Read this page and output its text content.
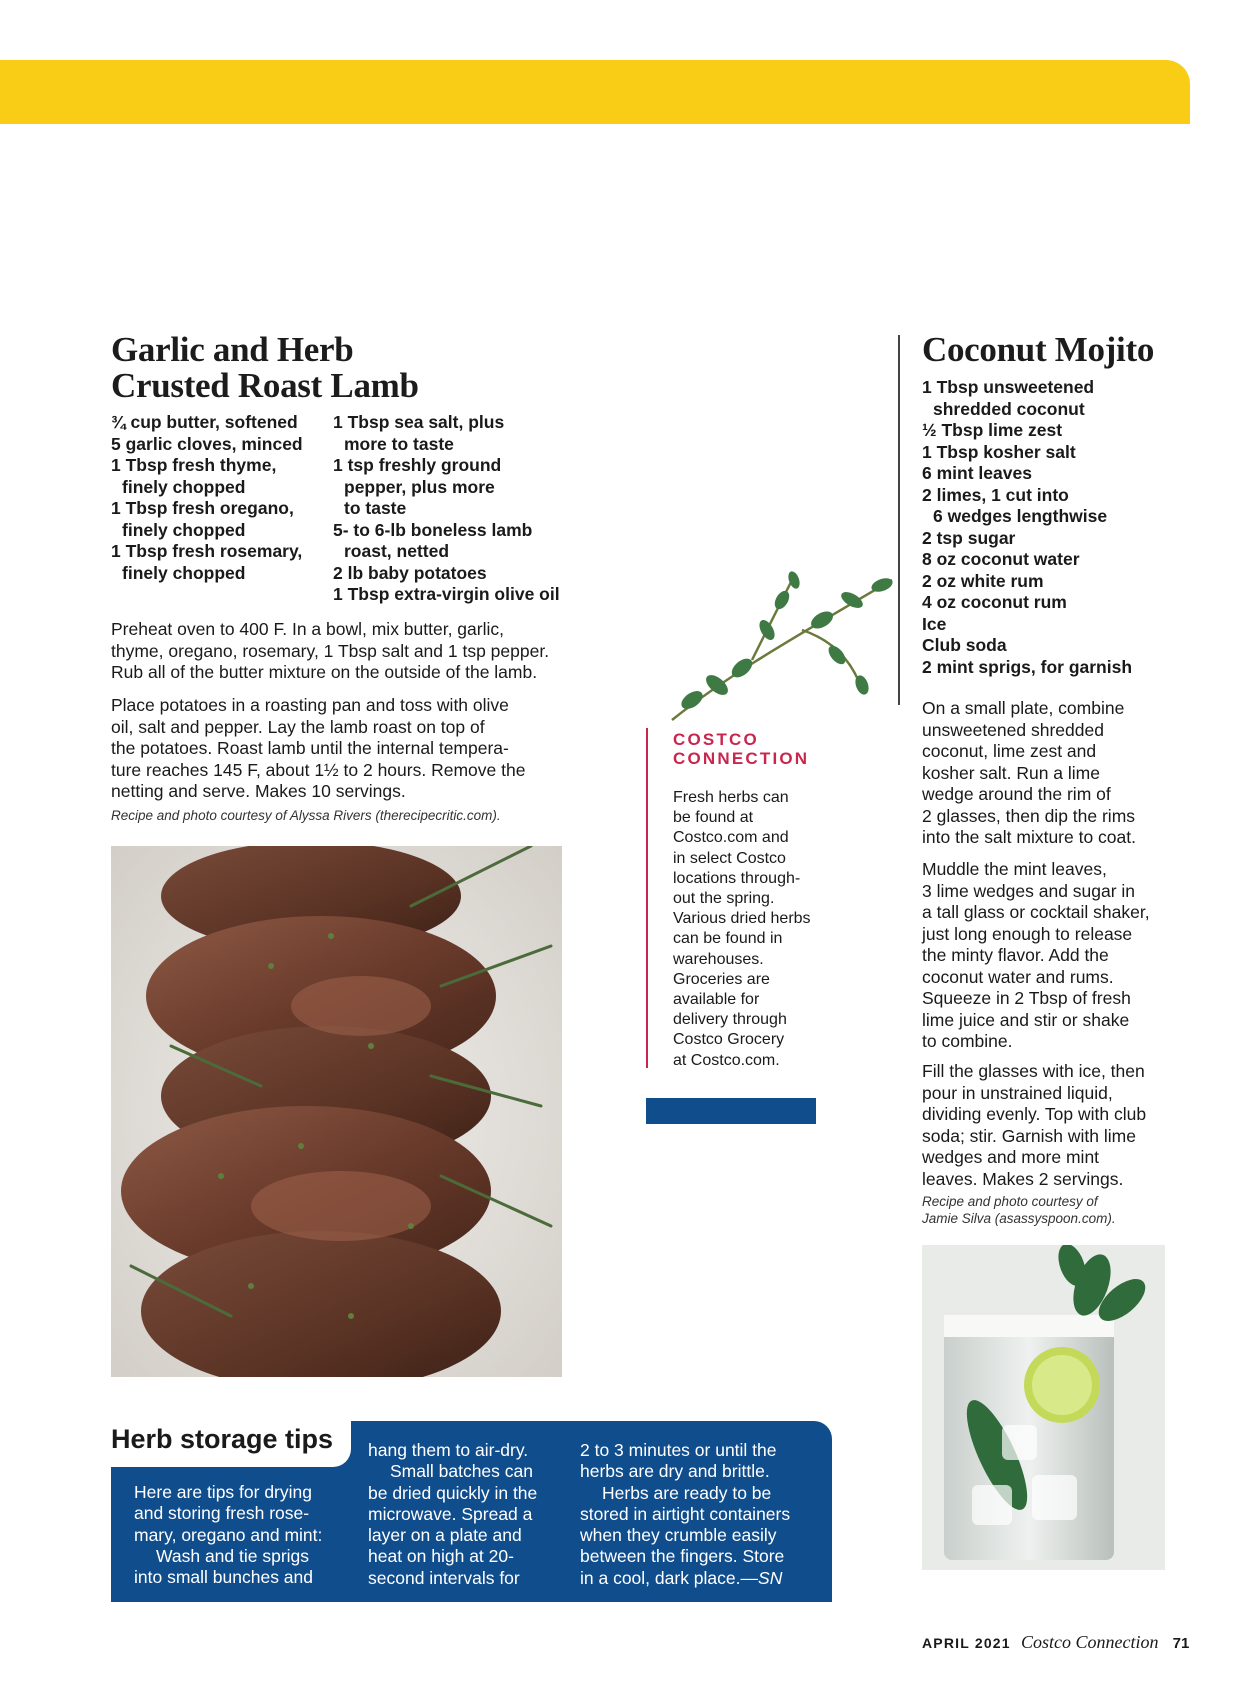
Garlic and Herb
Crusted Roast Lamb
¾ cup butter, softened
5 garlic cloves, minced
1 Tbsp fresh thyme,
finely chopped
1 Tbsp fresh oregano,
finely chopped
1 Tbsp fresh rosemary,
finely chopped
1 Tbsp sea salt, plus
more to taste
1 tsp freshly ground
pepper, plus more
to taste
5- to 6-lb boneless lamb
roast, netted
2 lb baby potatoes
1 Tbsp extra-virgin olive oil
Preheat oven to 400 F. In a bowl, mix butter, garlic,
thyme, oregano, rosemary, 1 Tbsp salt and 1 tsp pepper.
Rub all of the butter mixture on the outside of the lamb.
Place potatoes in a roasting pan and toss with olive
oil, salt and pepper. Lay the lamb roast on top of
the potatoes. Roast lamb until the internal tempera-
ture reaches 145 F, about 1½ to 2 hours. Remove the
netting and serve. Makes 10 servings.
Recipe and photo courtesy of Alyssa Rivers (therecipecritic.com).
COSTCO
CONNECTION
Fresh herbs can
be found at
Costco.com and
in select Costco
locations through-
out the spring.
Various dried herbs
can be found in
warehouses.
Groceries are
available for
delivery through
Costco Grocery
at Costco.com.
Coconut Mojito
1 Tbsp unsweetened
shredded coconut
½ Tbsp lime zest
1 Tbsp kosher salt
6 mint leaves
2 limes, 1 cut into
6 wedges lengthwise
2 tsp sugar
8 oz coconut water
2 oz white rum
4 oz coconut rum
Ice
Club soda
2 mint sprigs, for garnish
On a small plate, combine
unsweetened shredded
coconut, lime zest and
kosher salt. Run a lime
wedge around the rim of
2 glasses, then dip the rims
into the salt mixture to coat.
Muddle the mint leaves,
3 lime wedges and sugar in
a tall glass or cocktail shaker,
just long enough to release
the minty flavor. Add the
coconut water and rums.
Squeeze in 2 Tbsp of fresh
lime juice and stir or shake
to combine.
Fill the glasses with ice, then
pour in unstrained liquid,
dividing evenly. Top with club
soda; stir. Garnish with lime
wedges and more mint
leaves. Makes 2 servings.
Recipe and photo courtesy of
Jamie Silva (asassyspoon.com).
Herb storage tips
Here are tips for drying
and storing fresh rose-
mary, oregano and mint:
Wash and tie sprigs
into small bunches and
hang them to air-dry.
Small batches can
be dried quickly in the
microwave. Spread a
layer on a plate and
heat on high at 20-
second intervals for
2 to 3 minutes or until the
herbs are dry and brittle.
Herbs are ready to be
stored in airtight containers
when they crumble easily
between the fingers. Store
in a cool, dark place.—SN
APRIL 2021 Costco Connection 71
